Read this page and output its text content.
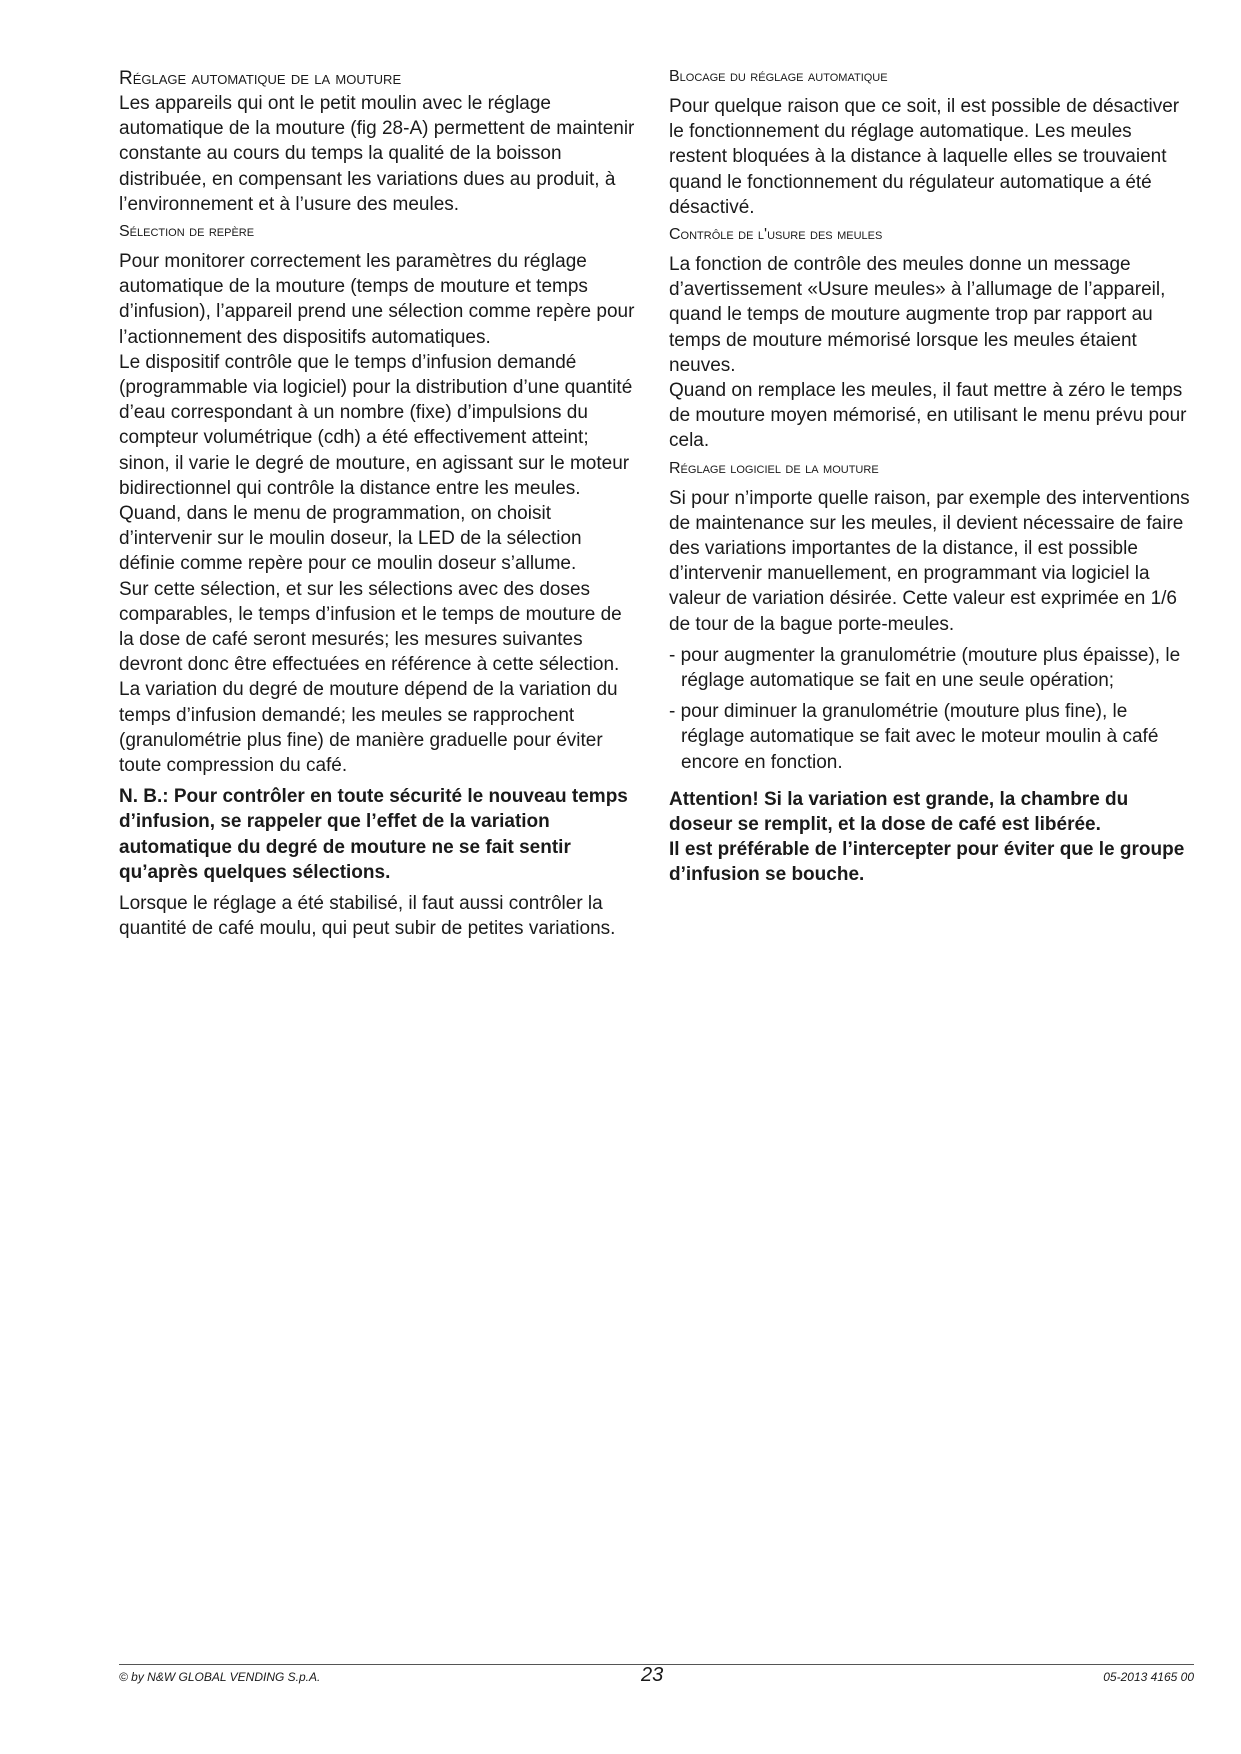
Réglage automatique de la mouture

Les appareils qui ont le petit moulin avec le réglage automatique de la mouture (fig 28-A) permettent de maintenir constante au cours du temps la qualité de la boisson distribuée, en compensant les variations dues au produit, à l’environnement et à l’usure des meules.

Sélection de repère

Pour monitorer correctement les paramètres du réglage automatique de la mouture (temps de mouture et temps d’infusion), l’appareil prend une sélection comme repère pour l’actionnement des dispositifs automatiques.

Le dispositif contrôle que le temps d’infusion demandé (programmable via logiciel) pour la distribution d’une quantité d’eau correspondant à un nombre (fixe) d’impulsions du compteur volumétrique (cdh) a été effectivement atteint; sinon, il varie le degré de mouture, en agissant sur le moteur bidirectionnel qui contrôle la distance entre les meules.

Quand, dans le menu de programmation, on choisit d’intervenir sur le moulin doseur, la LED de la sélection définie comme repère pour ce moulin doseur s’allume.

Sur cette sélection, et sur les sélections avec des doses comparables, le temps d’infusion et le temps de mouture de la dose de café seront mesurés; les mesures suivantes devront donc être effectuées en référence à cette sélection.

La variation du degré de mouture dépend de la variation du temps d’infusion demandé; les meules se rapprochent (granulométrie plus fine) de manière graduelle pour éviter toute compression du café.

N. B.: Pour contrôler en toute sécurité le nouveau temps d’infusion, se rappeler que l’effet de la variation automatique du degré de mouture ne se fait sentir qu’après quelques sélections.

Lorsque le réglage a été stabilisé, il faut aussi contrôler la quantité de café moulu, qui peut subir de petites variations.

Blocage du réglage automatique

Pour quelque raison que ce soit, il est possible de désactiver le fonctionnement du réglage automatique. Les meules restent bloquées à la distance à laquelle elles se trouvaient quand le fonctionnement du régulateur automatique a été désactivé.

Contrôle de l'usure des meules

La fonction de contrôle des meules donne un message d’avertissement «Usure meules» à l’allumage de l’appareil, quand le temps de mouture augmente trop par rapport au temps de mouture mémorisé lorsque les meules étaient neuves.

Quand on remplace les meules, il faut mettre à zéro le temps de mouture moyen mémorisé, en utilisant le menu prévu pour cela.

Réglage logiciel de la mouture

Si pour n’importe quelle raison, par exemple des interventions de maintenance sur les meules, il devient nécessaire de faire des variations importantes de la distance, il est possible d’intervenir manuellement, en programmant via logiciel la valeur de variation désirée. Cette valeur est exprimée en 1/6 de tour de la bague porte-meules.

- pour augmenter la granulométrie (mouture plus épaisse), le réglage automatique se fait en une seule opération;

- pour diminuer la granulométrie (mouture plus fine), le réglage automatique se fait avec le moteur moulin à café encore en fonction.

Attention! Si la variation est grande, la chambre du doseur se remplit, et la dose de café est libérée.

Il est préférable de l’intercepter pour éviter que le groupe d’infusion se bouche.

© by N&W GLOBAL VENDING S.p.A.	23	05-2013 4165 00
